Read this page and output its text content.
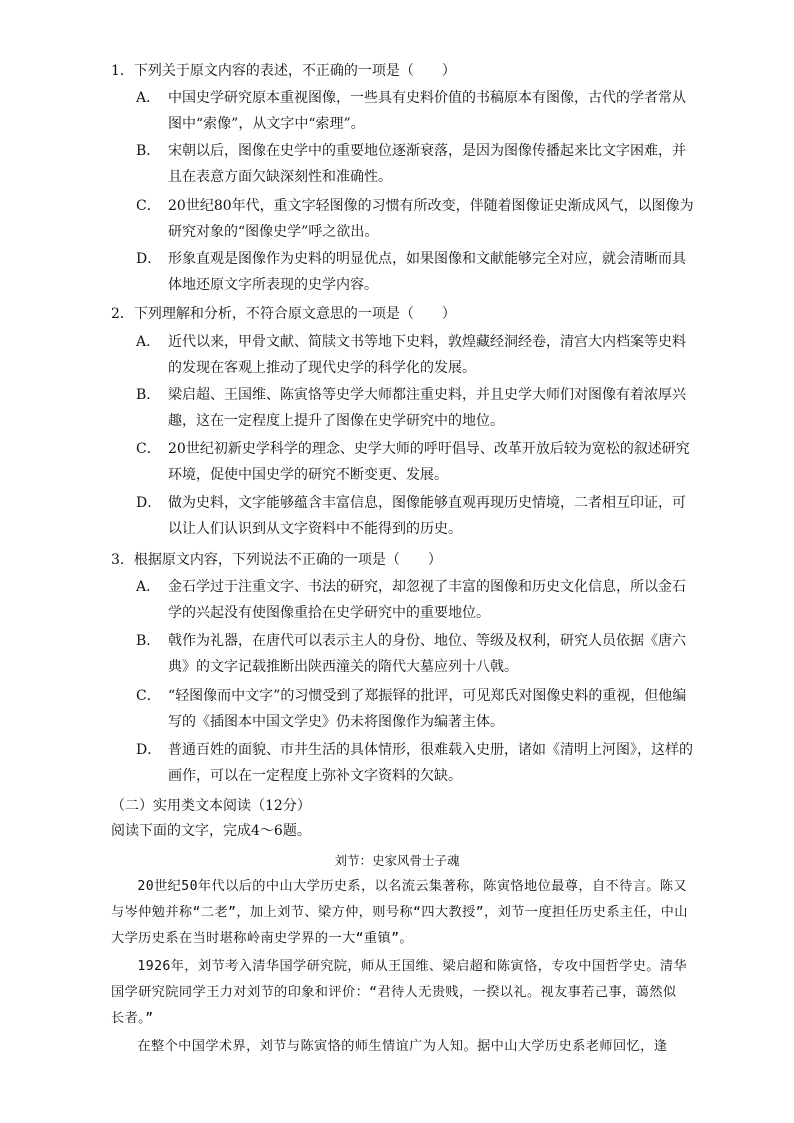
1．下列关于原文内容的表述，不正确的一项是（　　）
A． 中国史学研究原本重视图像，一些具有史料价值的书稿原本有图像，古代的学者常从图中“索像”，从文字中“索理”。
B． 宋朝以后，图像在史学中的重要地位逐渐衰落，是因为图像传播起来比文字困难，并且在表意方面欠缺深刻性和准确性。
C． 20世纪80年代，重文字轻图像的习惯有所改变，伴随着图像证史渐成风气，以图像为研究对象的“图像史学”呼之欲出。
D． 形象直观是图像作为史料的明显优点，如果图像和文献能够完全对应，就会清晰而具体地还原文字所表现的史学内容。
2．下列理解和分析，不符合原文意思的一项是（　　）
A． 近代以来，甲骨文献、简牍文书等地下史料，敦煌藏经洞经卷，清宫大内档案等史料的发现在客观上推动了现代史学的科学化的发展。
B． 梁启超、王国维、陈寅恪等史学大师都注重史料，并且史学大师们对图像有着浓厚兴趣，这在一定程度上提升了图像在史学研究中的地位。
C． 20世纪初新史学科学的理念、史学大师的呼吁倡导、改革开放后较为宽松的叙述研究环境，促使中国史学的研究不断变更、发展。
D． 做为史料，文字能够蕴含丰富信息，图像能够直观再现历史情境，二者相互印证，可以让人们认识到从文字资料中不能得到的历史。
3．根据原文内容，下列说法不正确的一项是（　　）
A． 金石学过于注重文字、书法的研究，却忽视了丰富的图像和历史文化信息，所以金石学的兴起没有使图像重拾在史学研究中的重要地位。
B． 戟作为礼器，在唐代可以表示主人的身份、地位、等级及权利，研究人员依据《唐六典》的文字记载推断出陕西潼关的隋代大墓应列十八戟。
C． “轻图像而中文字”的习惯受到了郑振铎的批评，可见郑氏对图像史料的重视，但他编写的《插图本中国文学史》仍未将图像作为编著主体。
D． 普通百姓的面貌、市井生活的具体情形，很难载入史册，诸如《清明上河图》，这样的画作，可以在一定程度上弥补文字资料的欠缺。
（二）实用类文本阅读（12分）
阅读下面的文字，完成4～6题。
刘节：史家风骨士子魂
20世纪50年代以后的中山大学历史系，以名流云集著称，陈寅恪地位最尊，自不待言。陈又与岑仲勉并称“二老”，加上刘节、梁方仲，则号称“四大教授”，刘节一度担任历史系主任，中山大学历史系在当时堪称岭南史学界的一大“重镇”。
1926年，刘节考入清华国学研究院，师从王国维、梁启超和陈寅恪，专攻中国哲学史。清华国学研究院同学王力对刘节的印象和评价：“君待人无贵贱，一揆以礼。视友事若己事，蔼然似长者。”
在整个中国学术界，刘节与陈寅恪的师生情谊广为人知。据中山大学历史系老师回忆，逢
